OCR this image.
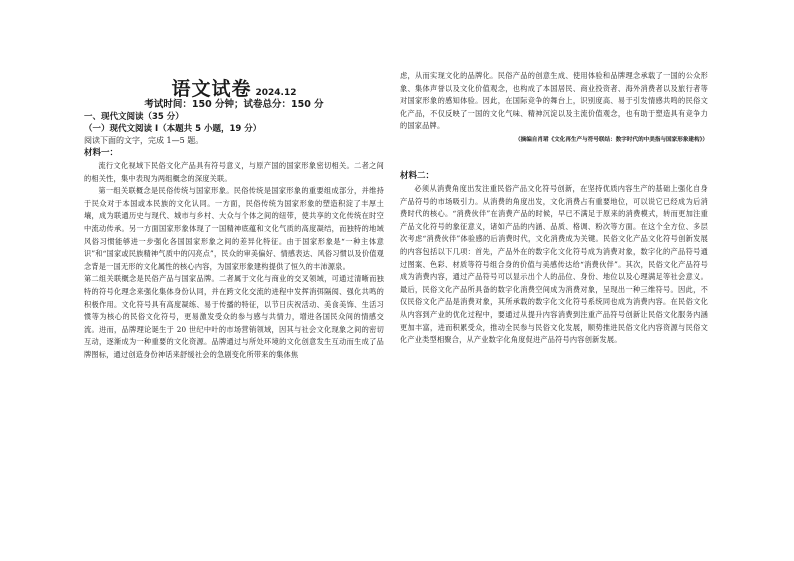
语文试卷 2024.12
考试时间：150 分钟；试卷总分：150 分
一、现代文阅读（35 分）
（一）现代文阅读 I（本题共 5 小题，19 分）
阅读下面的文字，完成 1—5 题。
材料一：

流行文化视域下民俗文化产品具有符号意义，与原产国的国家形象密切相关。二者之间的相关性，集中表现为两组概念的深度关联。

第一组关联概念是民俗传统与国家形象。民俗传统是国家形象的重要组成部分，并维持于民众对于本国或本民族的文化认同。一方面，民俗传统为国家形象的塑造积淀了丰厚土壤，成为联通历史与现代、城市与乡村、大众与个体之间的纽带，使共享的文化传统在时空中流动传承。另一方面国家形象体现了一国精神底蕴和文化气质的高度凝结，而独特的地域风俗习惯能够进一步强化各国国家形象之间的差异化特征。由于国家形象是“一种主体意识”和“国家或民族精神气质中的闪亮点”，民众的审美偏好、情感表达、风俗习惯以及价值观念背是一国无形的文化属性的核心内容，为国家形象建构提供了恒久的丰沛源泉。

第二组关联概念是民俗产品与国家品牌。二者属于文化与商业的交叉领域，可通过清晰而独特的符号化理念来强化集体身份认同，并在跨文化交流的进程中发挥消弭隔阂、强化共鸣的积极作用。文化符号具有高度凝练、易于传播的特征，以节日庆祝活动、美食美饰、生活习惯等为核心的民俗文化符号，更易激发受众的参与感与共情力，增进各国民众间的情感交流。进而，品牌理论诞生于 20 世纪中叶的市场营销领域，因其与社会文化现象之间的密切互动，逐渐成为一种重要的文化资源。品牌通过与所处环境的文化创意发生互动而生成了品牌图标，通过创造身份神话来舒缓社会的急剧变化所带来的集体焦

虑，从而实现文化的品牌化。民俗产品的创意生成、使用体验和品牌理念承载了一国的公众形象、集体声誉以及文化价值观念，也构成了本国居民、商业投资者、海外消费者以及旅行者等对国家形象的感知体验。因此，在国际竞争的舞台上，识别度高、易于引发情感共鸣的民俗文化产品，不仅反映了一国的文化气味、精神沉淀以及主流价值观念，也有助于塑造具有竞争力的国家品牌。

（摘编自肖珺《文化再生产与符号联结：数字时代的中美指与国家形象建构》）
材料二：

必须从消费角度出发注重民俗产品文化符号创新，在坚持优质内容生产的基础上强化自身产品符号的市场吸引力。从消费的角度出发，文化消费占有重要地位，可以说它已经成为后消费时代的核心。“消费伙伴”在消费产品的时候，早已不满足于原来的消费模式，转而更加注重产品文化符号的象征意义，诸如产品的内涵、品质、格调、粉次等方面。在这个全方位、多层次考虑“消费伙伴”体验感的后消费时代，文化消费成为关键。民俗文化产品文化符号创新发展的内容包括以下几项：首先，产品外在的数字化文化符号成为消费对象，数字化的产品符号通过图案、色彩、材质等符号组合身的价值与美感传达给“消费伙伴”。其次，民俗文化产品符号成为消费内容，通过产品符号可以显示出个人的品位、身份、地位以及心理满足等社会意义。最后，民俗文化产品所具备的数字化消费空间成为消费对象，呈现出一种三维符号。因此，不仅民俗文化产品是消费对象，其所承载的数字化文化符号系统同也成为消费内容。在民俗文化从内容到产业的优化过程中，要通过从提升内容消费到注重产品符号创新让民俗文化服务内涵更加丰富，进而积累受众，推动全民参与民俗文化发展，顺势推进民俗文化内容资源与民俗文化产业类型相聚合，从产业数字化角度促进产品符号内容创新发展。
